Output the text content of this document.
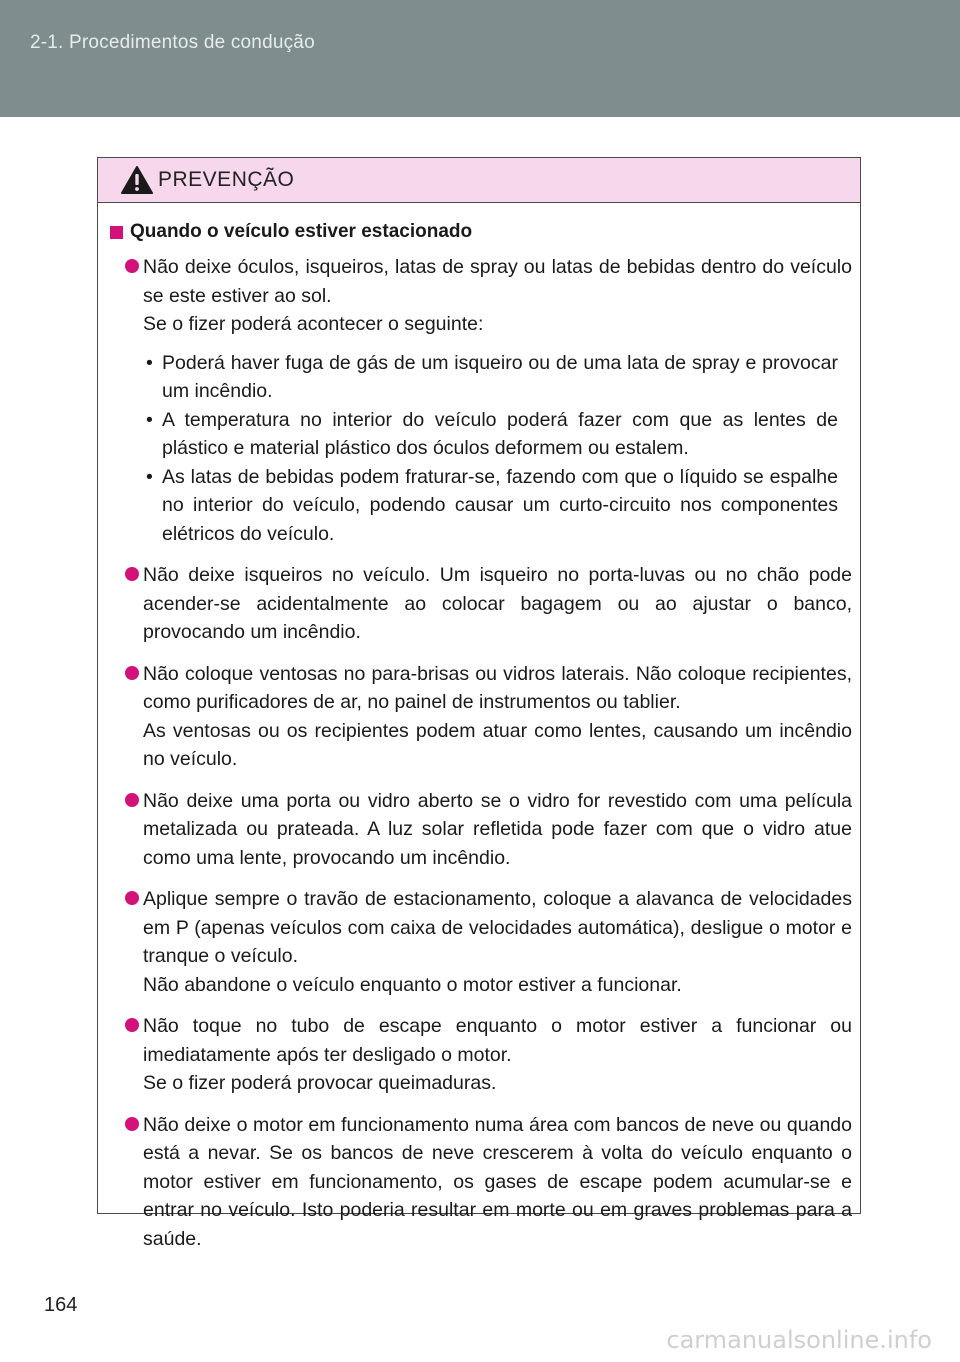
2-1. Procedimentos de condução
PREVENÇÃO
Quando o veículo estiver estacionado

Não deixe óculos, isqueiros, latas de spray ou latas de bebidas dentro do veículo se este estiver ao sol.

Se o fizer poderá acontecer o seguinte:

• Poderá haver fuga de gás de um isqueiro ou de uma lata de spray e provocar um incêndio.
• A temperatura no interior do veículo poderá fazer com que as lentes de plástico e material plástico dos óculos deformem ou estalem.
• As latas de bebidas podem fraturar-se, fazendo com que o líquido se espalhe no interior do veículo, podendo causar um curto-circuito nos componentes elétricos do veículo.

Não deixe isqueiros no veículo. Um isqueiro no porta-luvas ou no chão pode acender-se acidentalmente ao colocar bagagem ou ao ajustar o banco, provocando um incêndio.

Não coloque ventosas no para-brisas ou vidros laterais. Não coloque recipientes, como purificadores de ar, no painel de instrumentos ou tablier.

As ventosas ou os recipientes podem atuar como lentes, causando um incêndio no veículo.

Não deixe uma porta ou vidro aberto se o vidro for revestido com uma película metalizada ou prateada. A luz solar refletida pode fazer com que o vidro atue como uma lente, provocando um incêndio.

Aplique sempre o travão de estacionamento, coloque a alavanca de velocidades em P (apenas veículos com caixa de velocidades automática), desligue o motor e tranque o veículo.

Não abandone o veículo enquanto o motor estiver a funcionar.

Não toque no tubo de escape enquanto o motor estiver a funcionar ou imediatamente após ter desligado o motor.

Se o fizer poderá provocar queimaduras.

Não deixe o motor em funcionamento numa área com bancos de neve ou quando está a nevar. Se os bancos de neve crescerem à volta do veículo enquanto o motor estiver em funcionamento, os gases de escape podem acumular-se e entrar no veículo. Isto poderia resultar em morte ou em graves problemas para a saúde.

164
carmanualsonline.info
